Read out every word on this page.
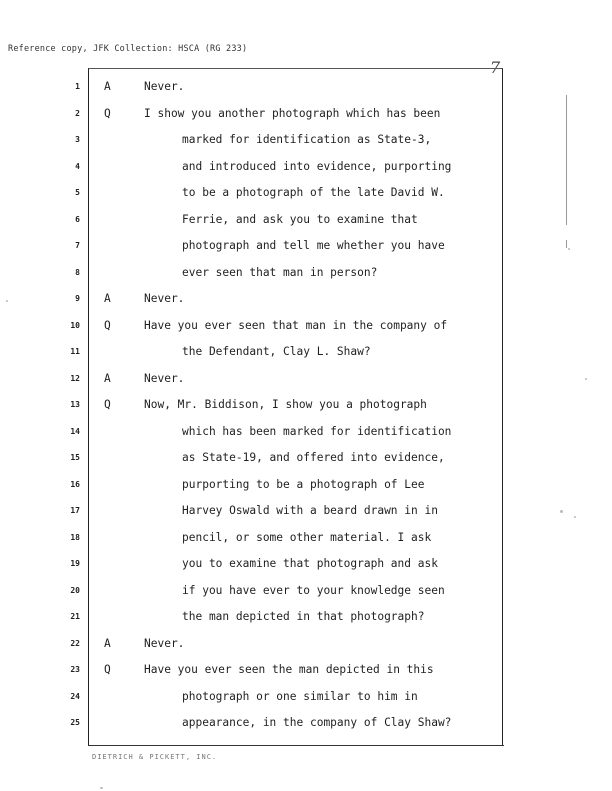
Reference copy, JFK Collection: HSCA (RG 233)
7
1 A	Never.
2 Q	I show you another photograph which has been
3	marked for identification as State-3,
4	and introduced into evidence, purporting
5	to be a photograph of the late David W.
6	Ferrie, and ask you to examine that
7	photograph and tell me whether you have
8	ever seen that man in person?
9 A	Never.
10 Q	Have you ever seen that man in the company of
11	the Defendant, Clay L. Shaw?
12 A	Never.
13 Q	Now, Mr. Biddison, I show you a photograph
14	which has been marked for identification
15	as State-19, and offered into evidence,
16	purporting to be a photograph of Lee
17	Harvey Oswald with a beard drawn in in
18	pencil, or some other material. I ask
19	you to examine that photograph and ask
20	if you have ever to your knowledge seen
21	the man depicted in that photograph?
22 A	Never.
23 Q	Have you ever seen the man depicted in this
24	photograph or one similar to him in
25	appearance, in the company of Clay Shaw?
DIETRICH & PICKETT, INC.
